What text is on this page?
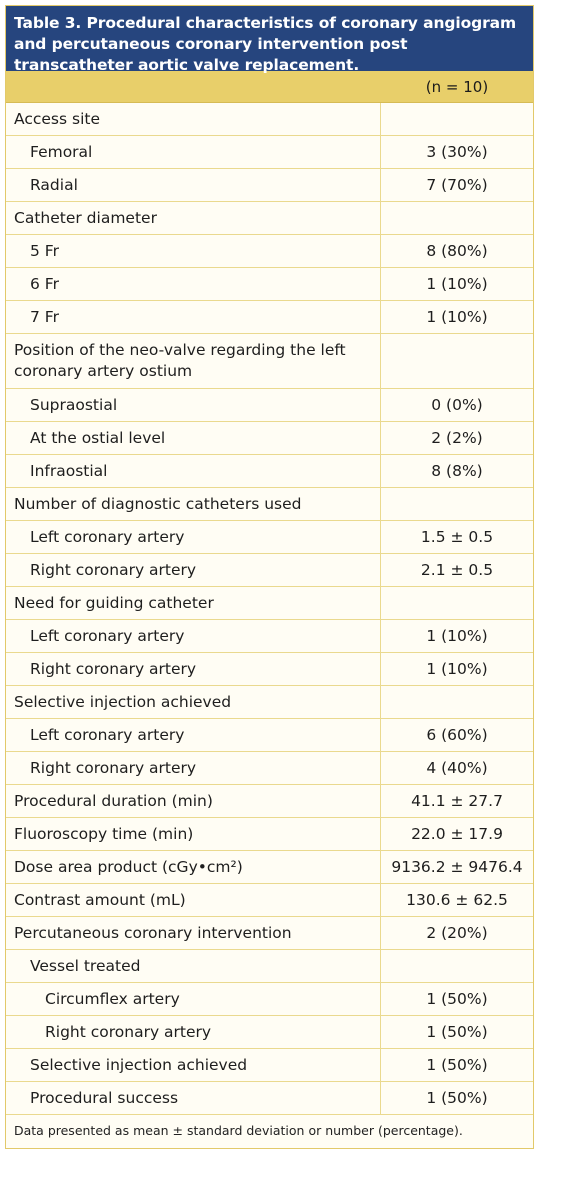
Table 3. Procedural characteristics of coronary angiogram and percutaneous coronary intervention post transcatheter aortic valve replacement.
(n = 10)
Access site
Femoral	3 (30%)
Radial	7 (70%)
Catheter diameter
5 Fr	8 (80%)
6 Fr	1 (10%)
7 Fr	1 (10%)
Position of the neo-valve regarding the left coronary artery ostium
Supraostial	0 (0%)
At the ostial level	2 (2%)
Infraostial	8 (8%)
Number of diagnostic catheters used
Left coronary artery	1.5 ± 0.5
Right coronary artery	2.1 ± 0.5
Need for guiding catheter
Left coronary artery	1 (10%)
Right coronary artery	1 (10%)
Selective injection achieved
Left coronary artery	6 (60%)
Right coronary artery	4 (40%)
Procedural duration (min)	41.1 ± 27.7
Fluoroscopy time (min)	22.0 ± 17.9
Dose area product (cGy•cm²)	9136.2 ± 9476.4
Contrast amount (mL)	130.6 ± 62.5
Percutaneous coronary intervention	2 (20%)
Vessel treated
Circumflex artery	1 (50%)
Right coronary artery	1 (50%)
Selective injection achieved	1 (50%)
Procedural success	1 (50%)
Data presented as mean ± standard deviation or number (percentage).
